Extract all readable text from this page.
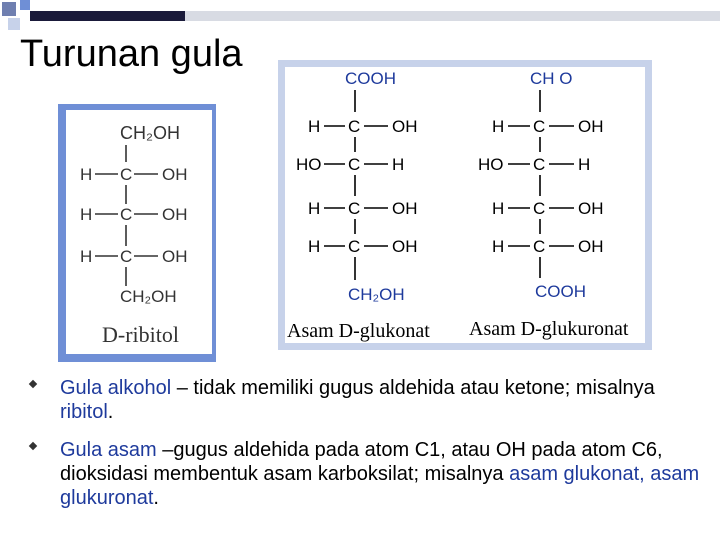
Turunan gula
CH₂OH
H C OH
H C OH
H C OH
CH₂OH
COOH
CH₂OH
H C OH
HO C H
H C OH
H C OH
CH O
COOH
H C OH
HO C H
H C OH
H C OH
D-ribitol	Asam D-glukonat Asam D-glukuronat
Gula alkohol – tidak memiliki gugus aldehida atau ketone; misalnya ribitol.
Gula asam –gugus aldehida pada atom C1, atau OH pada atom C6, dioksidasi membentuk asam karboksilat; misalnya asam glukonat, asam glukuronat.
